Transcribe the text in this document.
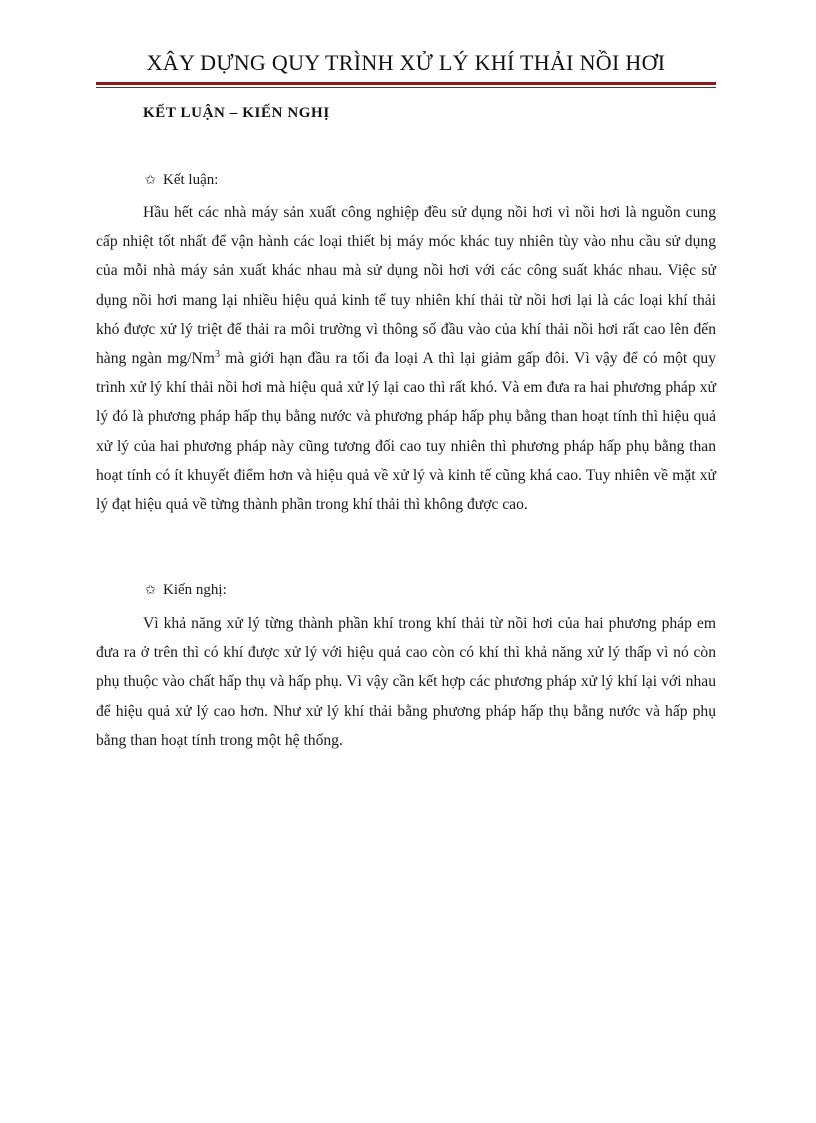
XÂY DỰNG QUY TRÌNH XỬ LÝ KHÍ THẢI NỒI HƠI
KẾT LUẬN – KIẾN NGHỊ
✩ Kết luận:

Hầu hết các nhà máy sản xuất công nghiệp đều sử dụng nồi hơi vì nồi hơi là nguồn cung cấp nhiệt tốt nhất để vận hành các loại thiết bị máy móc khác tuy nhiên tùy vào nhu cầu sử dụng của mỗi nhà máy sản xuất khác nhau mà sử dụng nồi hơi với các công suất khác nhau. Việc sử dụng nồi hơi mang lại nhiều hiệu quả kinh tế tuy nhiên khí thải từ nồi hơi lại là các loại khí thải khó được xử lý triệt để thải ra môi trường vì thông số đầu vào của khí thải nồi hơi rất cao lên đến hàng ngàn mg/Nm$^3$ mà giới hạn đầu ra tối đa loại A thì lại giảm gấp đôi. Vì vậy để có một quy trình xử lý khí thải nồi hơi mà hiệu quả xử lý lại cao thì rất khó. Và em đưa ra hai phương pháp xử lý đó là phương pháp hấp thụ bằng nước và phương pháp hấp phụ bằng than hoạt tính thì hiệu quả xử lý của hai phương pháp này cũng tương đối cao tuy nhiên thì phương pháp hấp phụ bằng than hoạt tính có ít khuyết điểm hơn và hiệu quả về xử lý và kinh tế cũng khá cao. Tuy nhiên về mặt xử lý đạt hiệu quả về từng thành phần trong khí thải thì không được cao.

✩ Kiến nghị:

Vì khả năng xử lý từng thành phần khí trong khí thải từ nồi hơi của hai phương pháp em đưa ra ở trên thì có khí được xử lý với hiệu quả cao còn có khí thì khả năng xử lý thấp vì nó còn phụ thuộc vào chất hấp thụ và hấp phụ. Vì vậy cần kết hợp các phương pháp xử lý khí lại với nhau để hiệu quả xử lý cao hơn. Như xử lý khí thải bằng phương pháp hấp thụ bằng nước và hấp phụ bằng than hoạt tính trong một hệ thống.
